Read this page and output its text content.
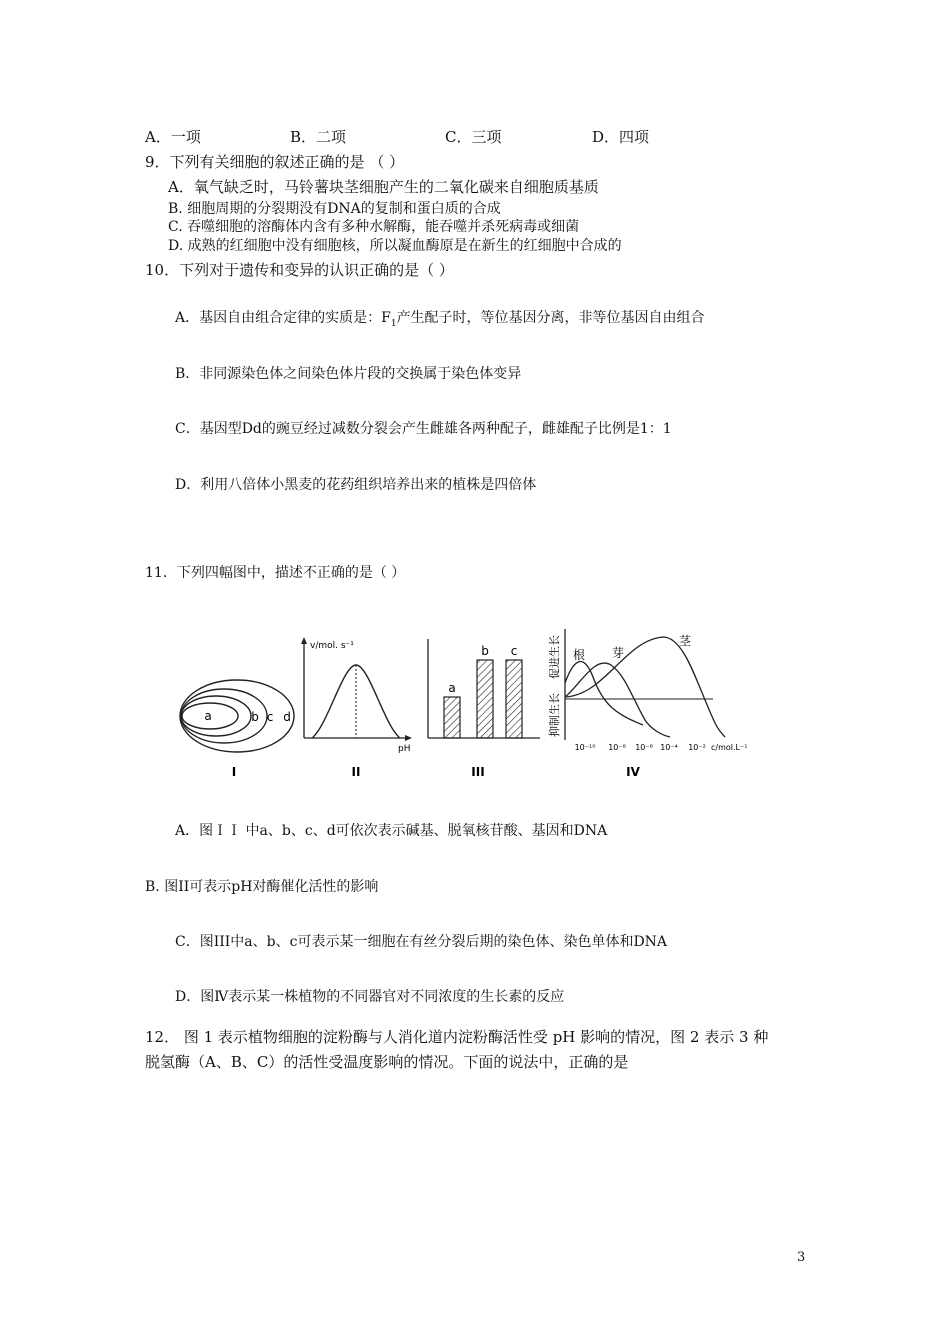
A．一项	B．二项	C．三项	D．四项
9．下列有关细胞的叙述正确的是 （ ）
A．氧气缺乏时，马铃薯块茎细胞产生的二氧化碳来自细胞质基质
B. 细胞周期的分裂期没有DNA的复制和蛋白质的合成
C. 吞噬细胞的溶酶体内含有多种水解酶，能吞噬并杀死病毒或细菌
D. 成熟的红细胞中没有细胞核，所以凝血酶原是在新生的红细胞中合成的
10．下列对于遗传和变异的认识正确的是（ ）
A．基因自由组合定律的实质是：$F_1$产生配子时，等位基因分离，非等位基因自由组合
B．非同源染色体之间染色体片段的交换属于染色体变异
C．基因型Dd的豌豆经过减数分裂会产生雌雄各两种配子，雌雄配子比例是1：1
D．利用八倍体小黑麦的花药组织培养出来的植株是四倍体
11．下列四幅图中，描述不正确的是（ ）
a	b c d
I
v/mol. s⁻¹
pH
II
a
b c
III
促进生长
抑制生长
根 芽
茎
10⁻¹⁰ 10⁻⁸ 10⁻⁶ 10⁻⁴ 10⁻² c/mol.L⁻¹
IV
A．图ＩＩ 中a、b、c、d可依次表示碱基、脱氧核苷酸、基因和DNA
B. 图II可表示pH对酶催化活性的影响
C．图III中a、b、c可表示某一细胞在有丝分裂后期的染色体、染色单体和DNA
D．图Ⅳ表示某一株植物的不同器官对不同浓度的生长素的反应
12． 图 1 表示植物细胞的淀粉酶与人消化道内淀粉酶活性受 pH 影响的情况，图 2 表示 3 种
脱氢酶（A、B、C）的活性受温度影响的情况。下面的说法中，正确的是
3
